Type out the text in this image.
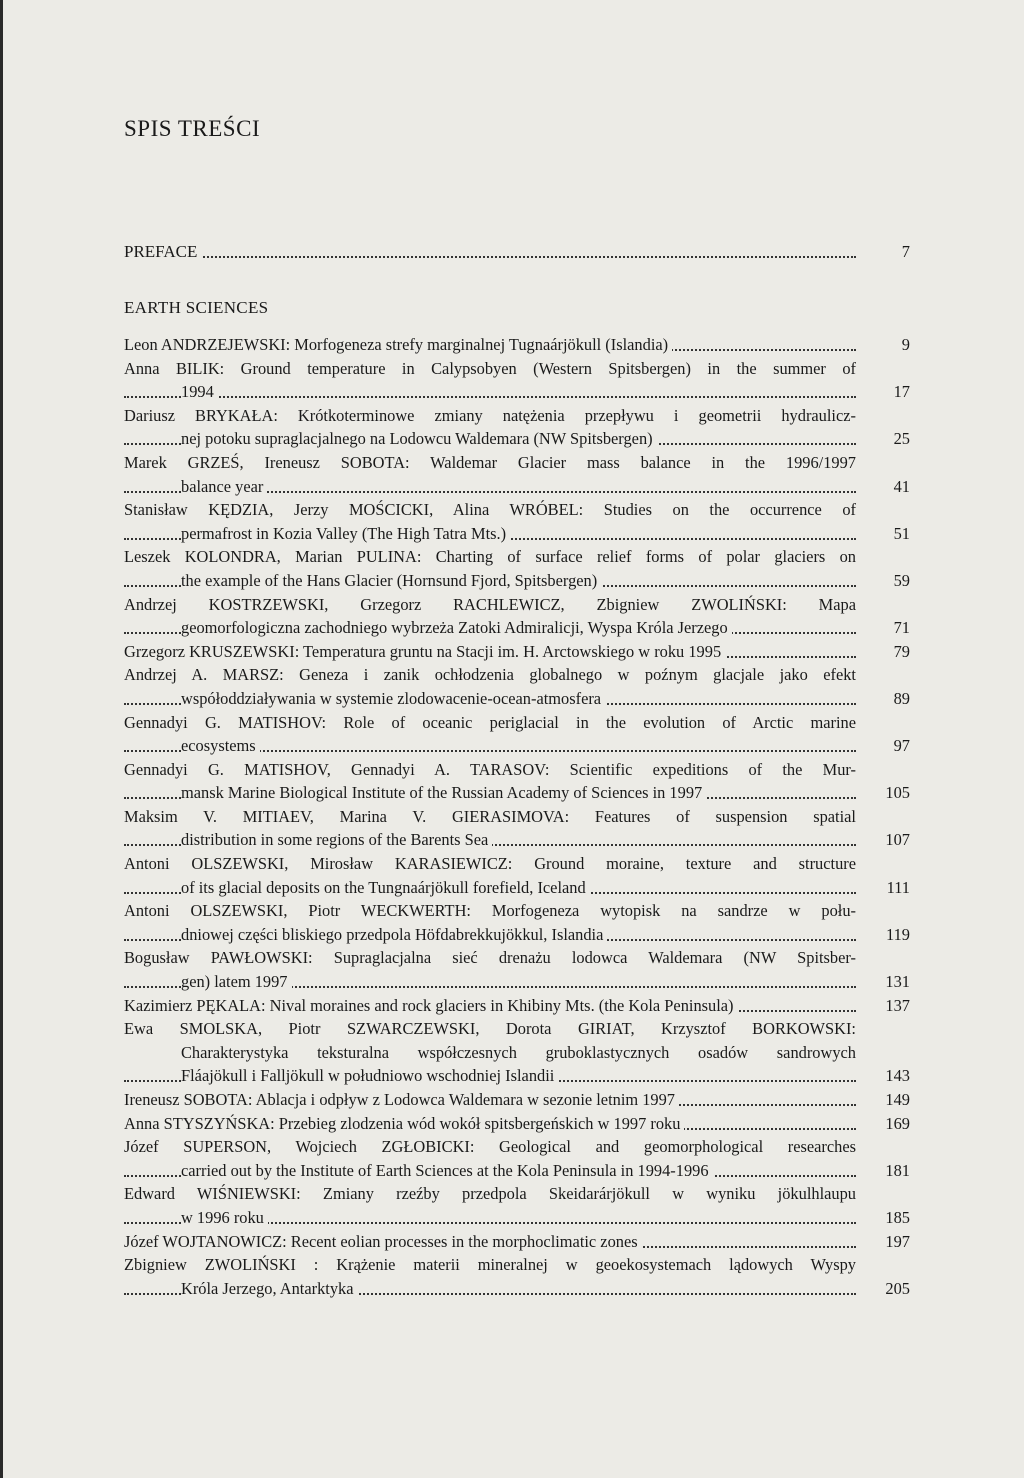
SPIS TREŚCI
PREFACE	7
EARTH SCIENCES
Leon ANDRZEJEWSKI: Morfogeneza strefy marginalnej Tugnaárjökull (Islandia)	9
Anna BILIK: Ground temperature in Calypsobyen (Western Spitsbergen) in the summer of
1994	17
Dariusz BRYKAŁA: Krótkoterminowe zmiany natężenia przepływu i geometrii hydraulicz-
nej potoku supraglacjalnego na Lodowcu Waldemara (NW Spitsbergen)	25
Marek GRZEŚ, Ireneusz SOBOTA: Waldemar Glacier mass balance in the 1996/1997
balance year	41
Stanisław KĘDZIA, Jerzy MOŚCICKI, Alina WRÓBEL: Studies on the occurrence of
permafrost in Kozia Valley (The High Tatra Mts.)	51
Leszek KOLONDRA, Marian PULINA: Charting of surface relief forms of polar glaciers on
the example of the Hans Glacier (Hornsund Fjord, Spitsbergen)	59
Andrzej KOSTRZEWSKI, Grzegorz RACHLEWICZ, Zbigniew ZWOLIŃSKI: Mapa
geomorfologiczna zachodniego wybrzeża Zatoki Admiralicji, Wyspa Króla Jerzego	71
Grzegorz KRUSZEWSKI: Temperatura gruntu na Stacji im. H. Arctowskiego w roku 1995	79
Andrzej A. MARSZ: Geneza i zanik ochłodzenia globalnego w poźnym glacjale jako efekt
współoddziaływania w systemie zlodowacenie-ocean-atmosfera	89
Gennadyi G. MATISHOV: Role of oceanic periglacial in the evolution of Arctic marine
ecosystems	97
Gennadyi G. MATISHOV, Gennadyi A. TARASOV: Scientific expeditions of the Mur-
mansk Marine Biological Institute of the Russian Academy of Sciences in 1997	105
Maksim V. MITIAEV, Marina V. GIERASIMOVA: Features of suspension spatial
distribution in some regions of the Barents Sea	107
Antoni OLSZEWSKI, Mirosław KARASIEWICZ: Ground moraine, texture and structure
of its glacial deposits on the Tungnaárjökull forefield, Iceland	111
Antoni OLSZEWSKI, Piotr WECKWERTH: Morfogeneza wytopisk na sandrze w połu-
dniowej części bliskiego przedpola Höfdabrekkujökkul, Islandia	119
Bogusław PAWŁOWSKI: Supraglacjalna sieć drenażu lodowca Waldemara (NW Spitsber-
gen) latem 1997	131
Kazimierz PĘKALA: Nival moraines and rock glaciers in Khibiny Mts. (the Kola Peninsula)	137
Ewa SMOLSKA, Piotr SZWARCZEWSKI, Dorota GIRIAT, Krzysztof BORKOWSKI:
Charakterystyka teksturalna współczesnych gruboklastycznych osadów sandrowych
Fláajökull i Falljökull w południowo wschodniej Islandii	143
Ireneusz SOBOTA: Ablacja i odpływ z Lodowca Waldemara w sezonie letnim 1997	149
Anna STYSZYŃSKA: Przebieg zlodzenia wód wokół spitsbergeńskich w 1997 roku	169
Józef SUPERSON, Wojciech ZGŁOBICKI: Geological and geomorphological researches
carried out by the Institute of Earth Sciences at the Kola Peninsula in 1994-1996	181
Edward WIŚNIEWSKI: Zmiany rzeźby przedpola Skeidarárjökull w wyniku jökulhlaupu
w 1996 roku	185
Józef WOJTANOWICZ: Recent eolian processes in the morphoclimatic zones	197
Zbigniew ZWOLIŃSKI : Krążenie materii mineralnej w geoekosystemach lądowych Wyspy
Króla Jerzego, Antarktyka	205
